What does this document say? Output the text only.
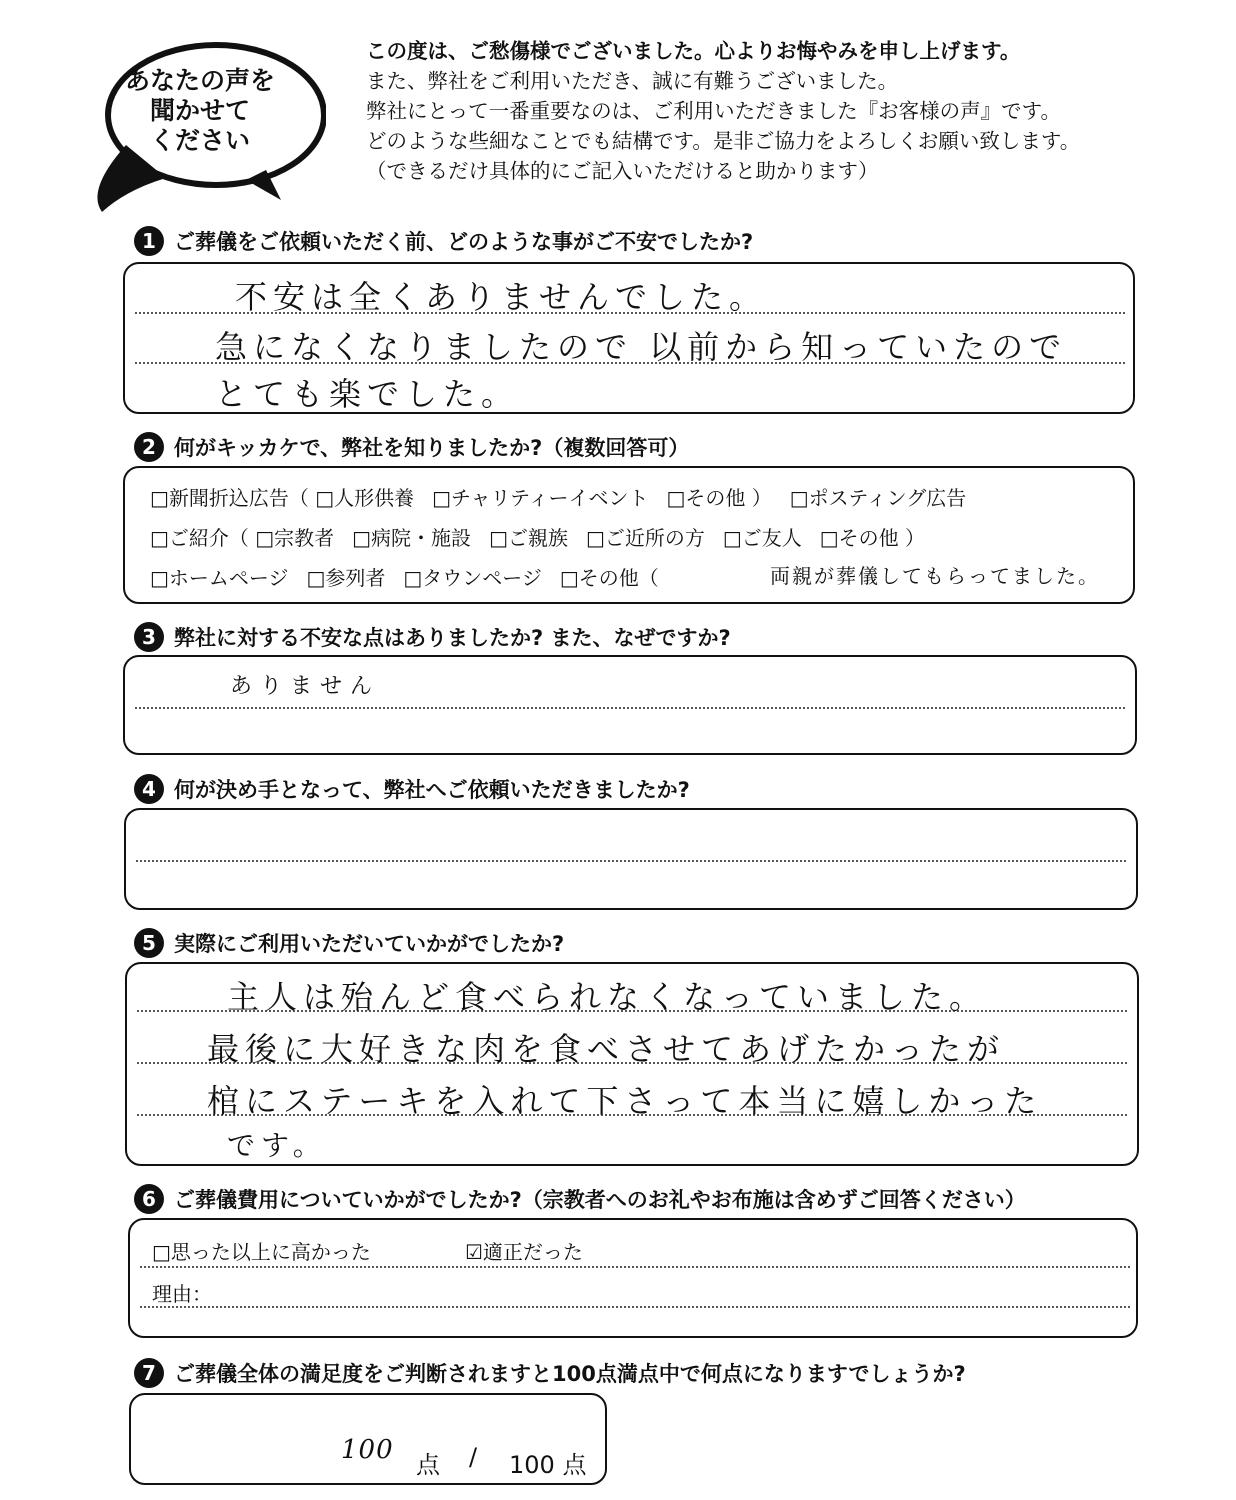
あなたの声を
聞かせて
ください
この度は、ご愁傷様でございました。心よりお悔やみを申し上げます。
また、弊社をご利用いただき、誠に有難うございました。
弊社にとって一番重要なのは、ご利用いただきました『お客様の声』です。
どのような些細なことでも結構です。是非ご協力をよろしくお願い致します。
（できるだけ具体的にご記入いただけると助かります）
1 ご葬儀をご依頼いただく前、どのような事がご不安でしたか?
不安は全くありませんでした。
急になくなりましたので 以前から知っていたので
とても楽でした。
2 何がキッカケで、弊社を知りましたか?（複数回答可）
□新聞折込広告（ □人形供養 □チャリティーイベント □その他 ） □ポスティング広告
□ご紹介（ □宗教者 □病院・施設 □ご親族 □ご近所の方 □ご友人 □その他 ）
□ホームページ □参列者 □タウンページ □その他（	両親が葬儀してもらってました。
3 弊社に対する不安な点はありましたか? また、なぜですか?
ありません
4 何が決め手となって、弊社へご依頼いただきましたか?
5 実際にご利用いただいていかがでしたか?
主人は殆んど食べられなくなっていました。
最後に大好きな肉を食べさせてあげたかったが
棺にステーキを入れて下さって本当に嬉しかった
です。
6 ご葬儀費用についていかがでしたか?（宗教者へのお礼やお布施は含めずご回答ください）
□思った以上に高かった	☑適正だった
理由：
7 ご葬儀全体の満足度をご判断されますと100点満点中で何点になりますでしょうか?
100 点 / 100 点
